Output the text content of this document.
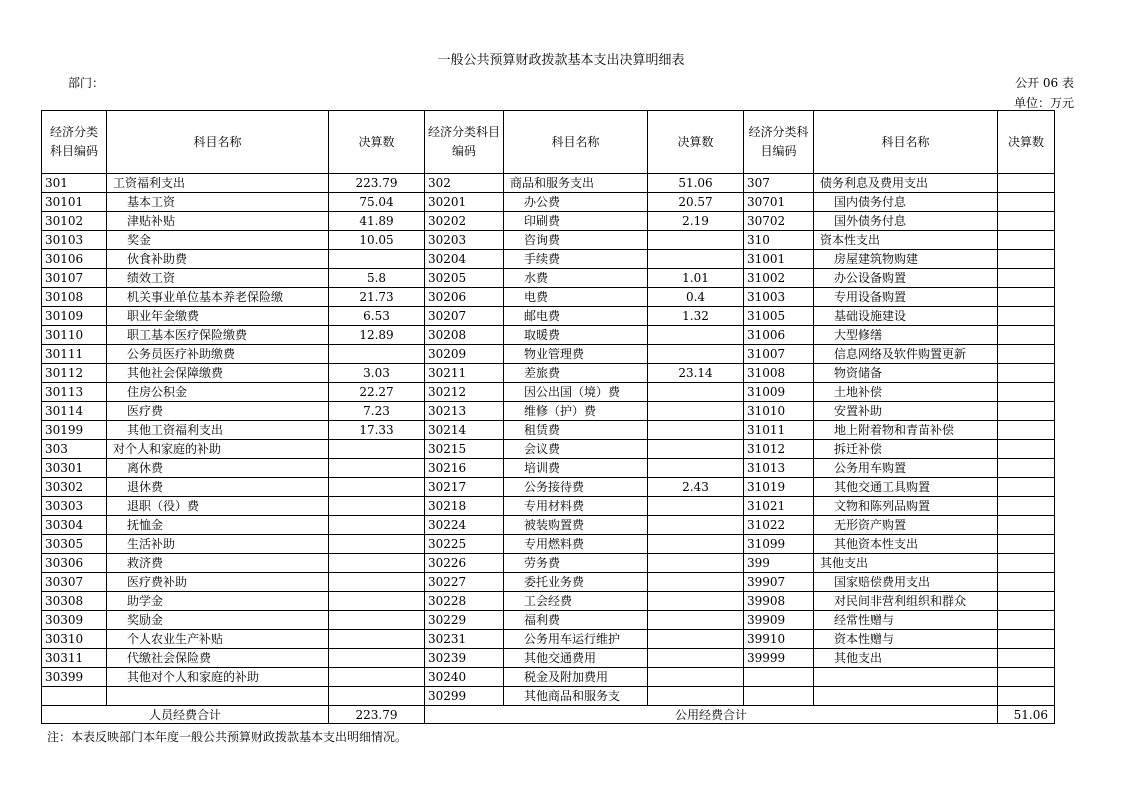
一般公共预算财政拨款基本支出决算明细表
部门：	公开 06 表
单位：万元
经济分类科目编码	科目名称	决算数	经济分类科目编码	科目名称	决算数	经济分类科目编码	科目名称	决算数
301	工资福利支出	223.79	302	商品和服务支出	51.06	307	债务利息及费用支出	
30101	基本工资	75.04	30201	办公费	20.57	30701	国内债务付息	
30102	津贴补贴	41.89	30202	印刷费	2.19	30702	国外债务付息	
30103	奖金	10.05	30203	咨询费		310	资本性支出	
30106	伙食补助费		30204	手续费		31001	房屋建筑物购建	
30107	绩效工资	5.8	30205	水费	1.01	31002	办公设备购置	
30108	机关事业单位基本养老保险缴	21.73	30206	电费	0.4	31003	专用设备购置	
30109	职业年金缴费	6.53	30207	邮电费	1.32	31005	基础设施建设	
30110	职工基本医疗保险缴费	12.89	30208	取暖费		31006	大型修缮	
30111	公务员医疗补助缴费		30209	物业管理费		31007	信息网络及软件购置更新	
30112	其他社会保障缴费	3.03	30211	差旅费	23.14	31008	物资储备	
30113	住房公积金	22.27	30212	因公出国（境）费		31009	土地补偿	
30114	医疗费	7.23	30213	维修（护）费		31010	安置补助	
30199	其他工资福利支出	17.33	30214	租赁费		31011	地上附着物和青苗补偿	
303	对个人和家庭的补助		30215	会议费		31012	拆迁补偿	
30301	离休费		30216	培训费		31013	公务用车购置	
30302	退休费		30217	公务接待费	2.43	31019	其他交通工具购置	
30303	退职（役）费		30218	专用材料费		31021	文物和陈列品购置	
30304	抚恤金		30224	被装购置费		31022	无形资产购置	
30305	生活补助		30225	专用燃料费		31099	其他资本性支出	
30306	救济费		30226	劳务费		399	其他支出	
30307	医疗费补助		30227	委托业务费		39907	国家赔偿费用支出	
30308	助学金		30228	工会经费		39908	对民间非营利组织和群众	
30309	奖励金		30229	福利费		39909	经常性赠与	
30310	个人农业生产补贴		30231	公务用车运行维护		39910	资本性赠与	
30311	代缴社会保险费		30239	其他交通费用		39999	其他支出	
30399	其他对个人和家庭的补助		30240	税金及附加费用				
			30299	其他商品和服务支				
人员经费合计		223.79	公用经费合计					51.06
注：本表反映部门本年度一般公共预算财政拨款基本支出明细情况。
